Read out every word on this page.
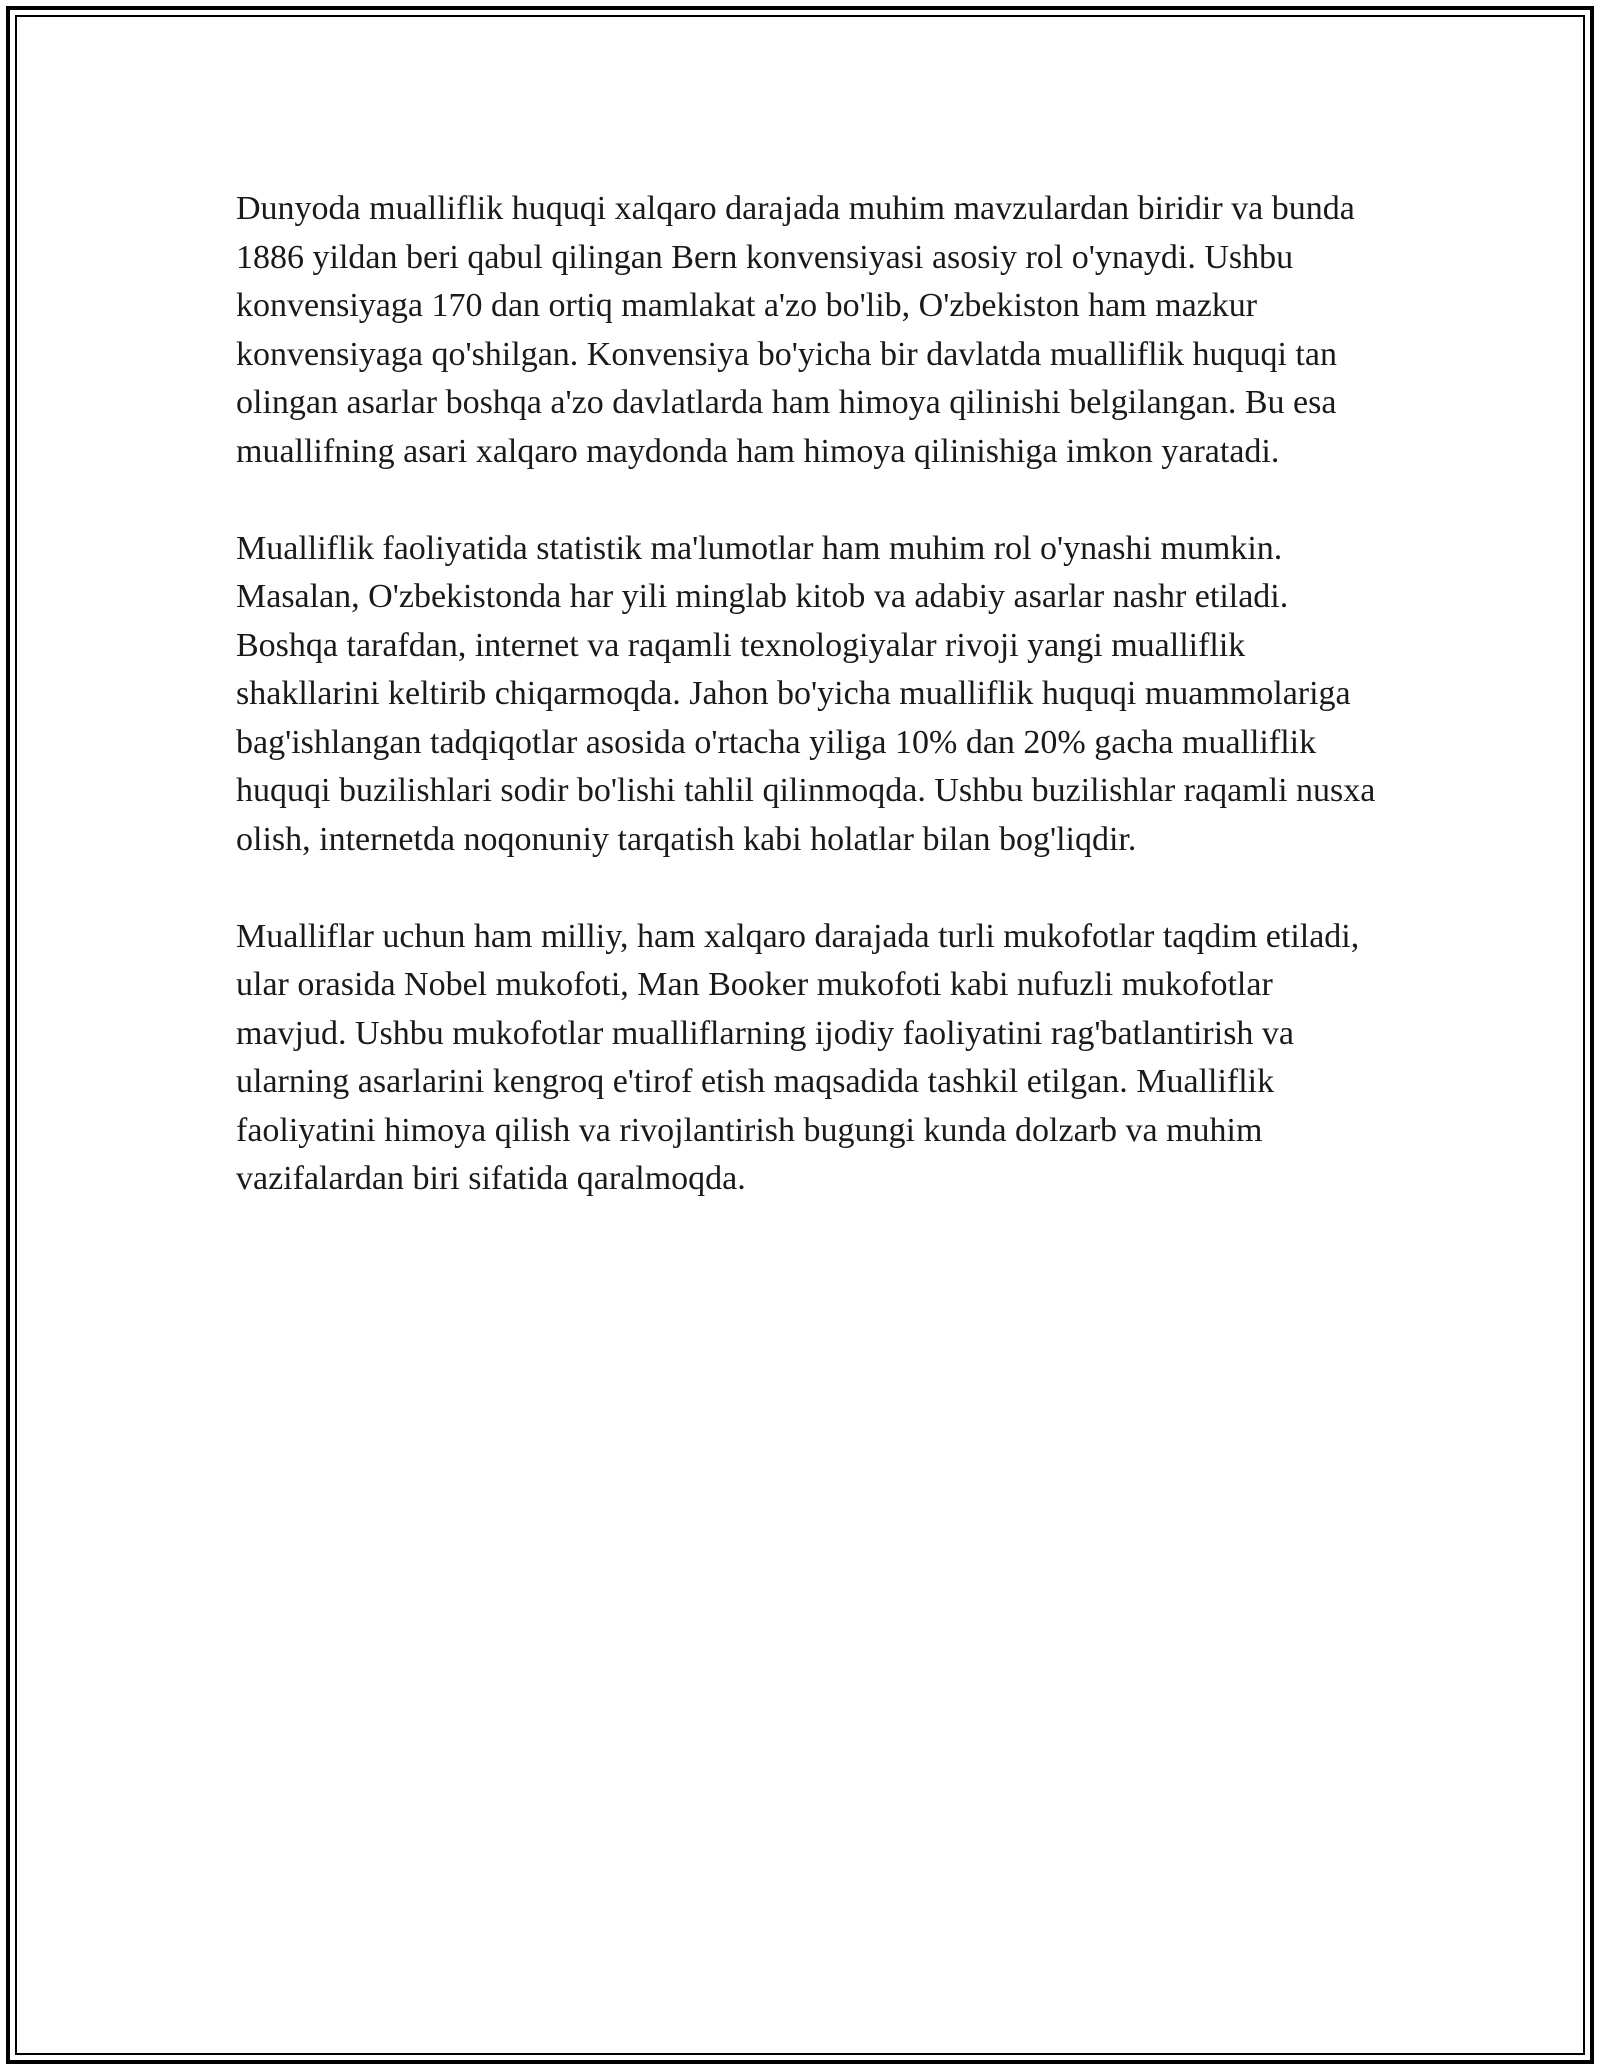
Dunyoda mualliflik huquqi xalqaro darajada muhim mavzulardan biridir va bunda 1886 yildan beri qabul qilingan Bern konvensiyasi asosiy rol o'ynaydi. Ushbu konvensiyaga 170 dan ortiq mamlakat a'zo bo'lib, O'zbekiston ham mazkur konvensiyaga qo'shilgan. Konvensiya bo'yicha bir davlatda mualliflik huquqi tan olingan asarlar boshqa a'zo davlatlarda ham himoya qilinishi belgilangan. Bu esa muallifning asari xalqaro maydonda ham himoya qilinishiga imkon yaratadi.

Mualliflik faoliyatida statistik ma'lumotlar ham muhim rol o'ynashi mumkin. Masalan, O'zbekistonda har yili minglab kitob va adabiy asarlar nashr etiladi. Boshqa tarafdan, internet va raqamli texnologiyalar rivoji yangi mualliflik shakllarini keltirib chiqarmoqda. Jahon bo'yicha mualliflik huquqi muammolariga bag'ishlangan tadqiqotlar asosida o'rtacha yiliga 10% dan 20% gacha mualliflik huquqi buzilishlari sodir bo'lishi tahlil qilinmoqda. Ushbu buzilishlar raqamli nusxa olish, internetda noqonuniy tarqatish kabi holatlar bilan bog'liqdir.

Mualliflar uchun ham milliy, ham xalqaro darajada turli mukofotlar taqdim etiladi, ular orasida Nobel mukofoti, Man Booker mukofoti kabi nufuzli mukofotlar mavjud. Ushbu mukofotlar mualliflarning ijodiy faoliyatini rag'batlantirish va ularning asarlarini kengroq e'tirof etish maqsadida tashkil etilgan. Mualliflik faoliyatini himoya qilish va rivojlantirish bugungi kunda dolzarb va muhim vazifalardan biri sifatida qaralmoqda.
